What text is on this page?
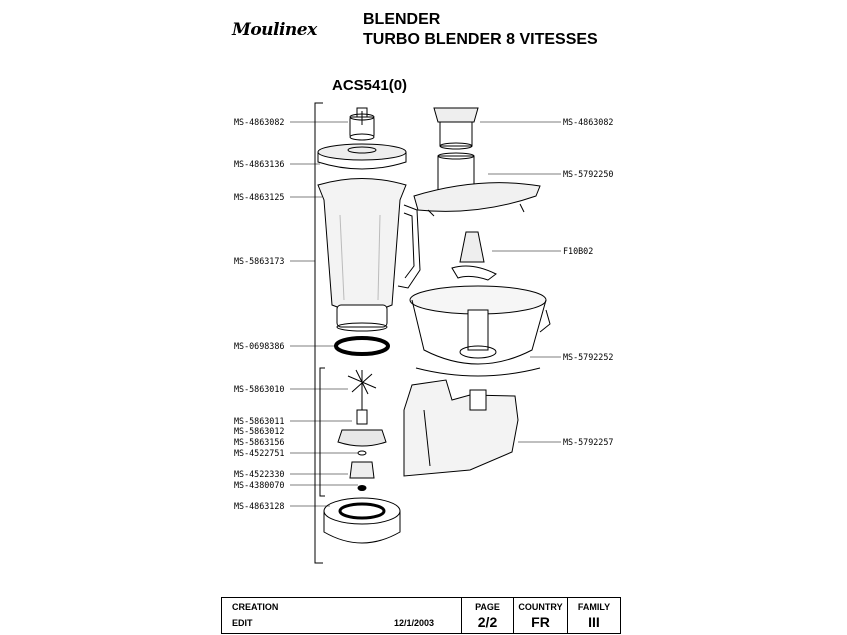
Moulinex
BLENDER
TURBO BLENDER 8 VITESSES
ACS541(0)
MS-4863082
MS-4863136
MS-4863125
MS-5863173
MS-0698386
MS-5863010
MS-5863011
MS-5863012
MS-5863156
MS-4522751
MS-4522330
MS-4380070
MS-4863128
MS-4863082
MS-5792250
F10B02
MS-5792252
MS-5792257
CREATION
EDIT	12/1/2003
PAGE
2/2
COUNTRY
FR
FAMILY
III
